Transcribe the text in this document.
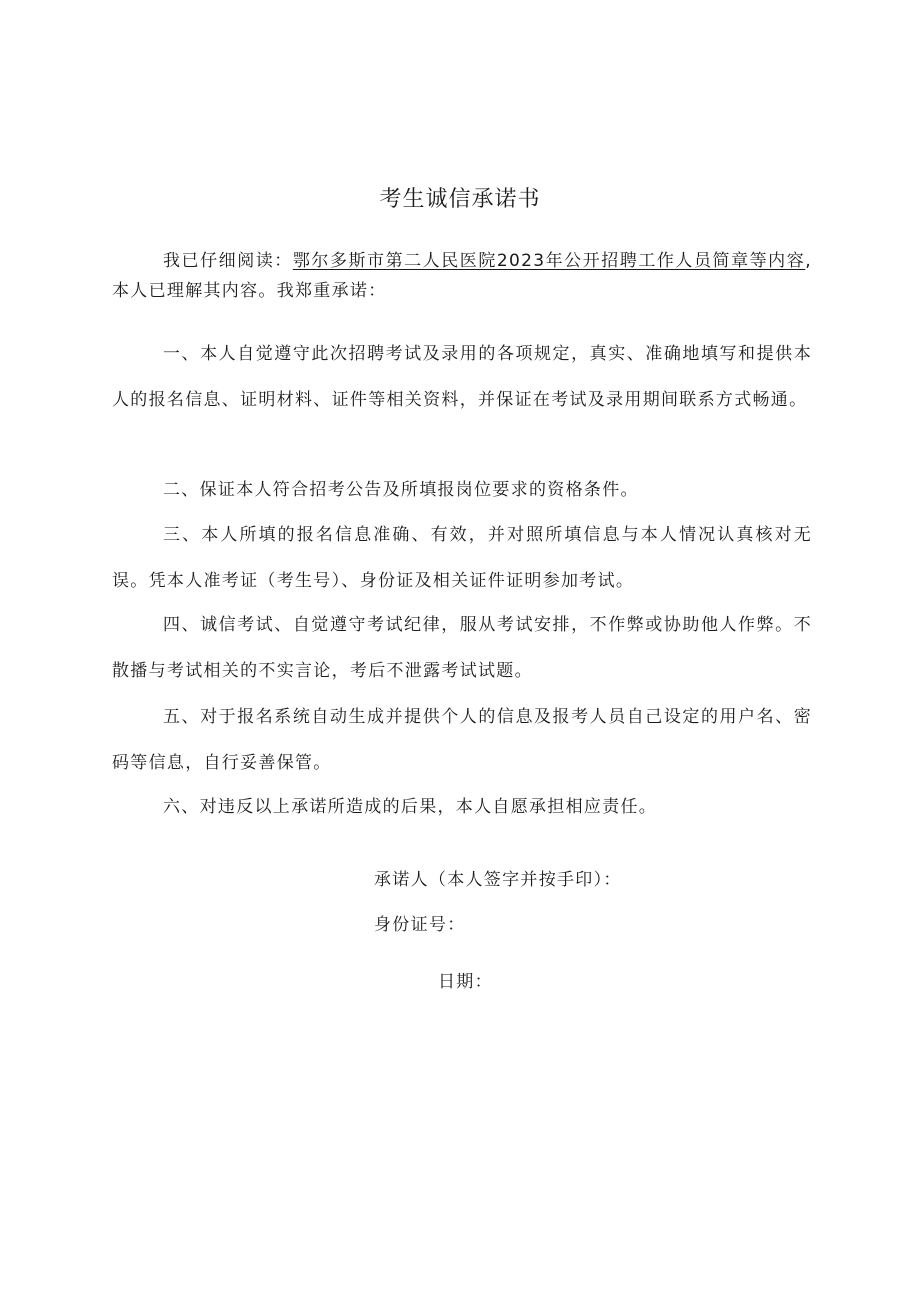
考生诚信承诺书

我已仔细阅读：鄂尔多斯市第二人民医院2023年公开招聘工作人员简章等内容,本人已理解其内容。我郑重承诺：

一、本人自觉遵守此次招聘考试及录用的各项规定，真实、准确地填写和提供本人的报名信息、证明材料、证件等相关资料，并保证在考试及录用期间联系方式畅通。

二、保证本人符合招考公告及所填报岗位要求的资格条件。

三、本人所填的报名信息准确、有效，并对照所填信息与本人情况认真核对无误。凭本人准考证（考生号）、身份证及相关证件证明参加考试。

四、诚信考试、自觉遵守考试纪律，服从考试安排，不作弊或协助他人作弊。不散播与考试相关的不实言论，考后不泄露考试试题。

五、对于报名系统自动生成并提供个人的信息及报考人员自己设定的用户名、密码等信息，自行妥善保管。

六、对违反以上承诺所造成的后果，本人自愿承担相应责任。

承诺人（本人签字并按手印）：

身份证号：

日期：
